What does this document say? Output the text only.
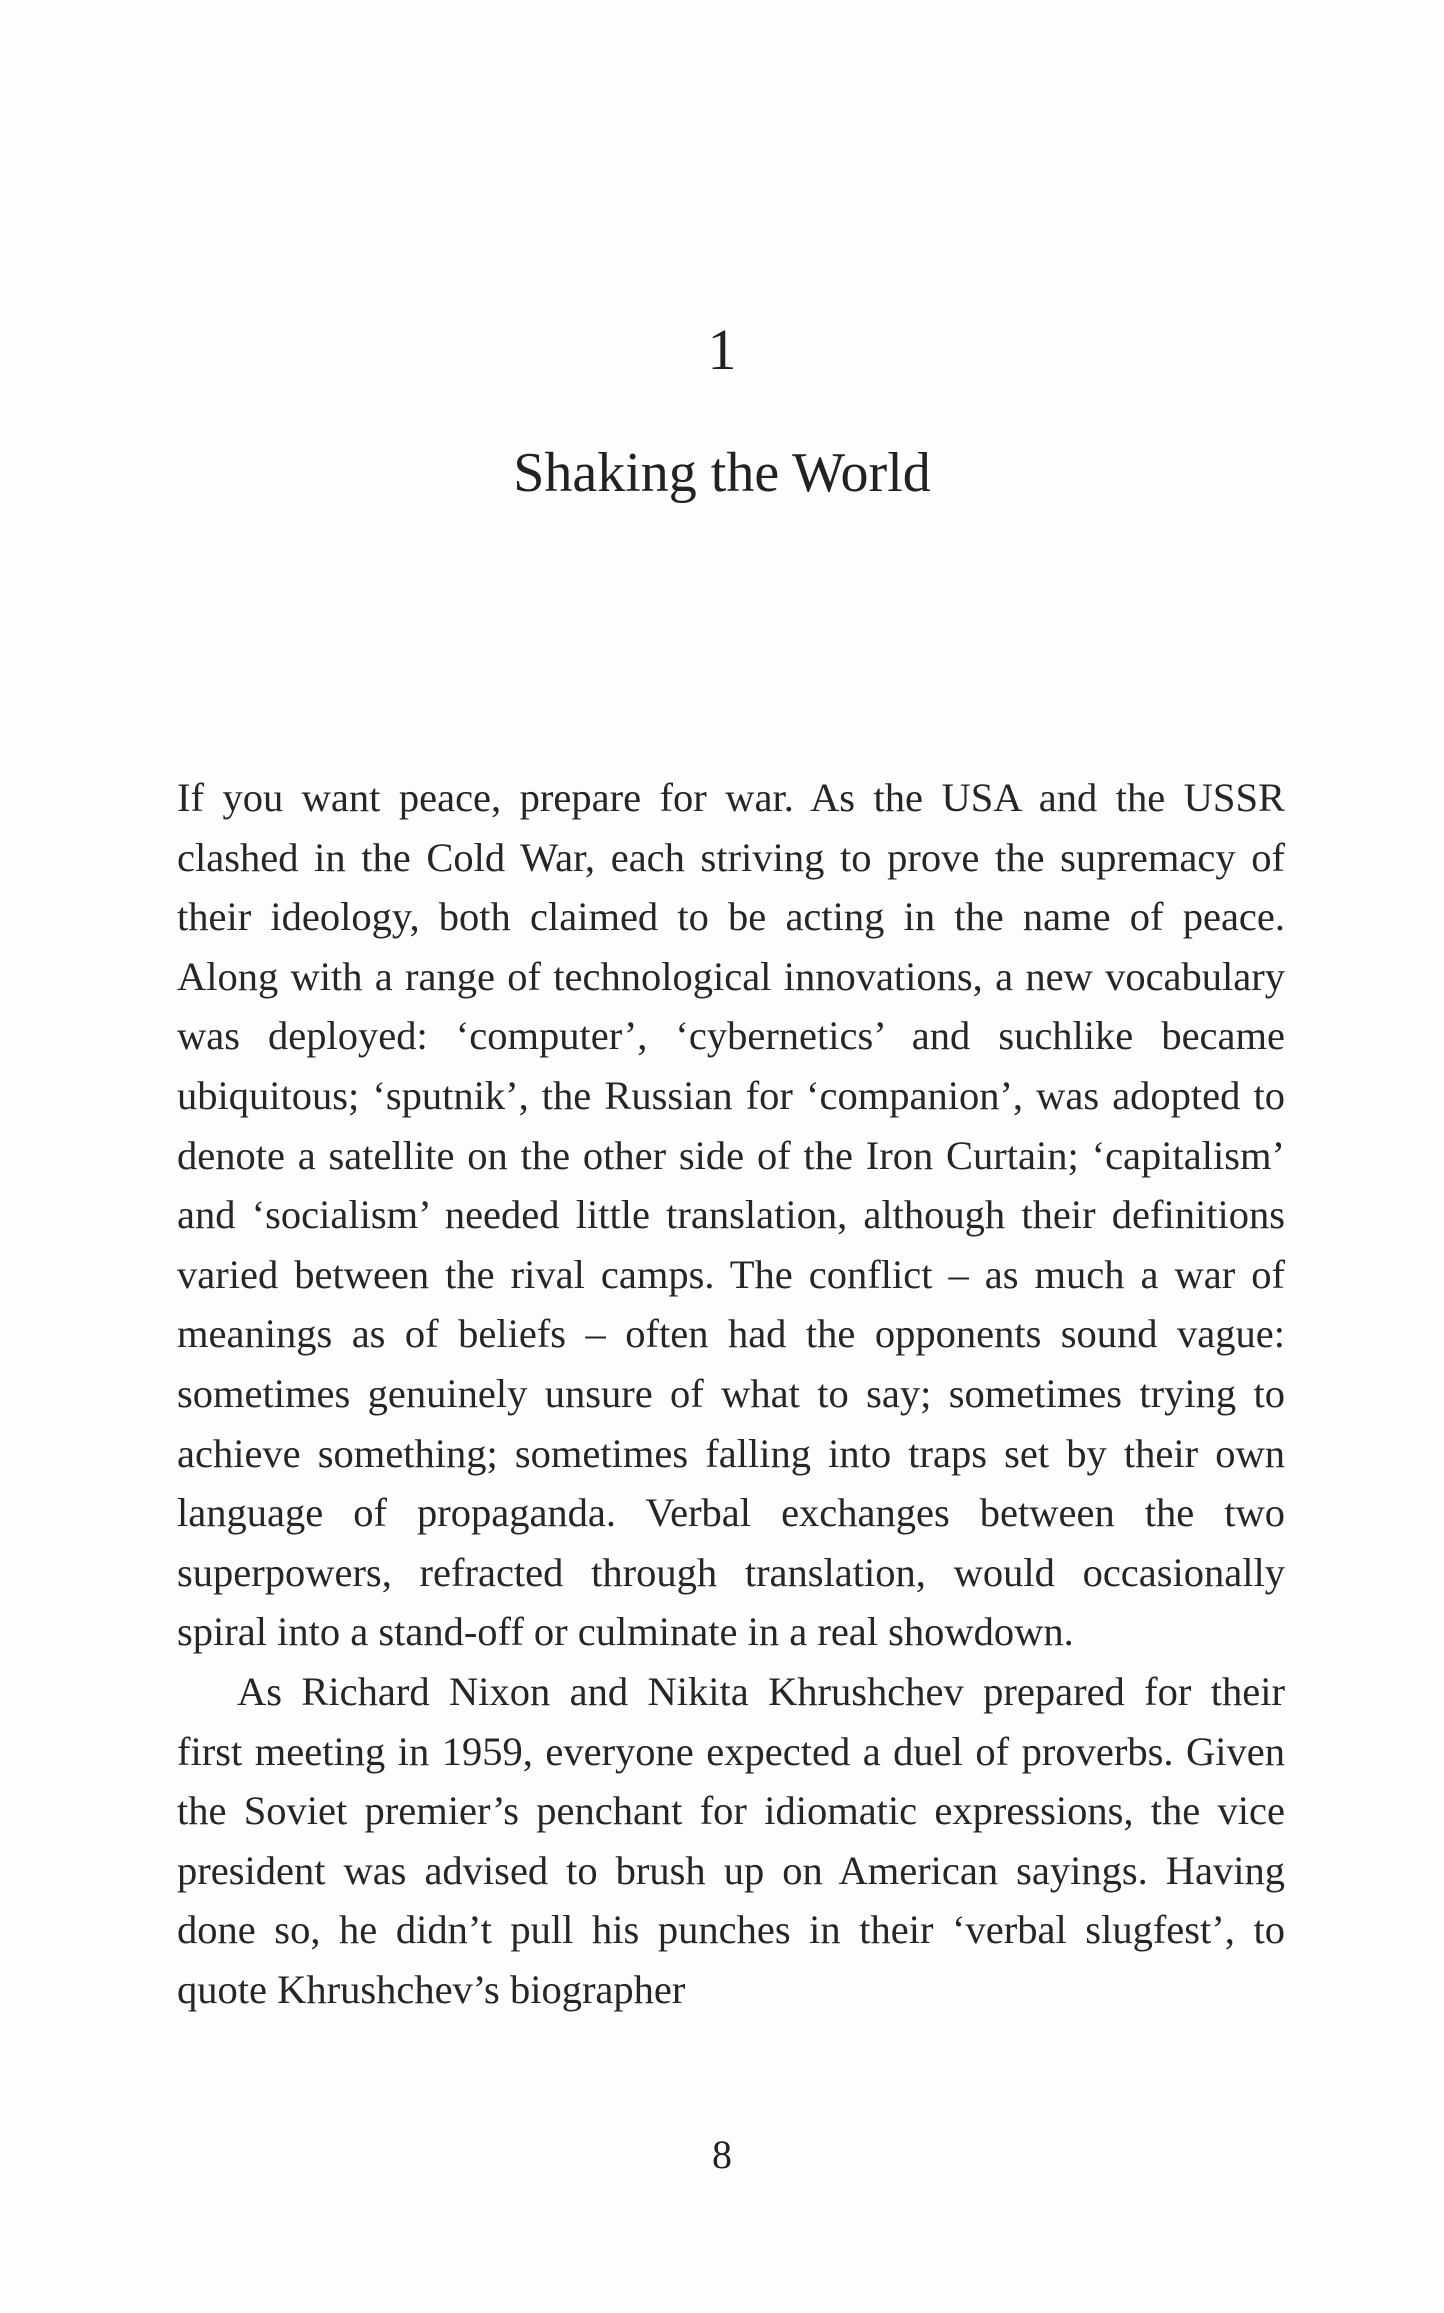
1
Shaking the World

If you want peace, prepare for war. As the USA and the USSR clashed in the Cold War, each striving to prove the supremacy of their ideology, both claimed to be acting in the name of peace. Along with a range of technological innovations, a new vocabulary was deployed: ‘computer’, ‘cybernetics’ and suchlike became ubiquitous; ‘sputnik’, the Russian for ‘companion’, was adopted to denote a satellite on the other side of the Iron Curtain; ‘capitalism’ and ‘socialism’ needed little translation, although their definitions varied between the rival camps. The conflict – as much a war of meanings as of beliefs – often had the opponents sound vague: sometimes genuinely unsure of what to say; sometimes trying to achieve something; sometimes falling into traps set by their own language of propaganda. Verbal exchanges between the two superpowers, refracted through translation, would occasionally spiral into a stand-off or culminate in a real showdown.

As Richard Nixon and Nikita Khrushchev prepared for their first meeting in 1959, everyone expected a duel of proverbs. Given the Soviet premier’s penchant for idiomatic expressions, the vice president was advised to brush up on American sayings. Having done so, he didn’t pull his punches in their ‘verbal slugfest’, to quote Khrushchev’s biographer

8
